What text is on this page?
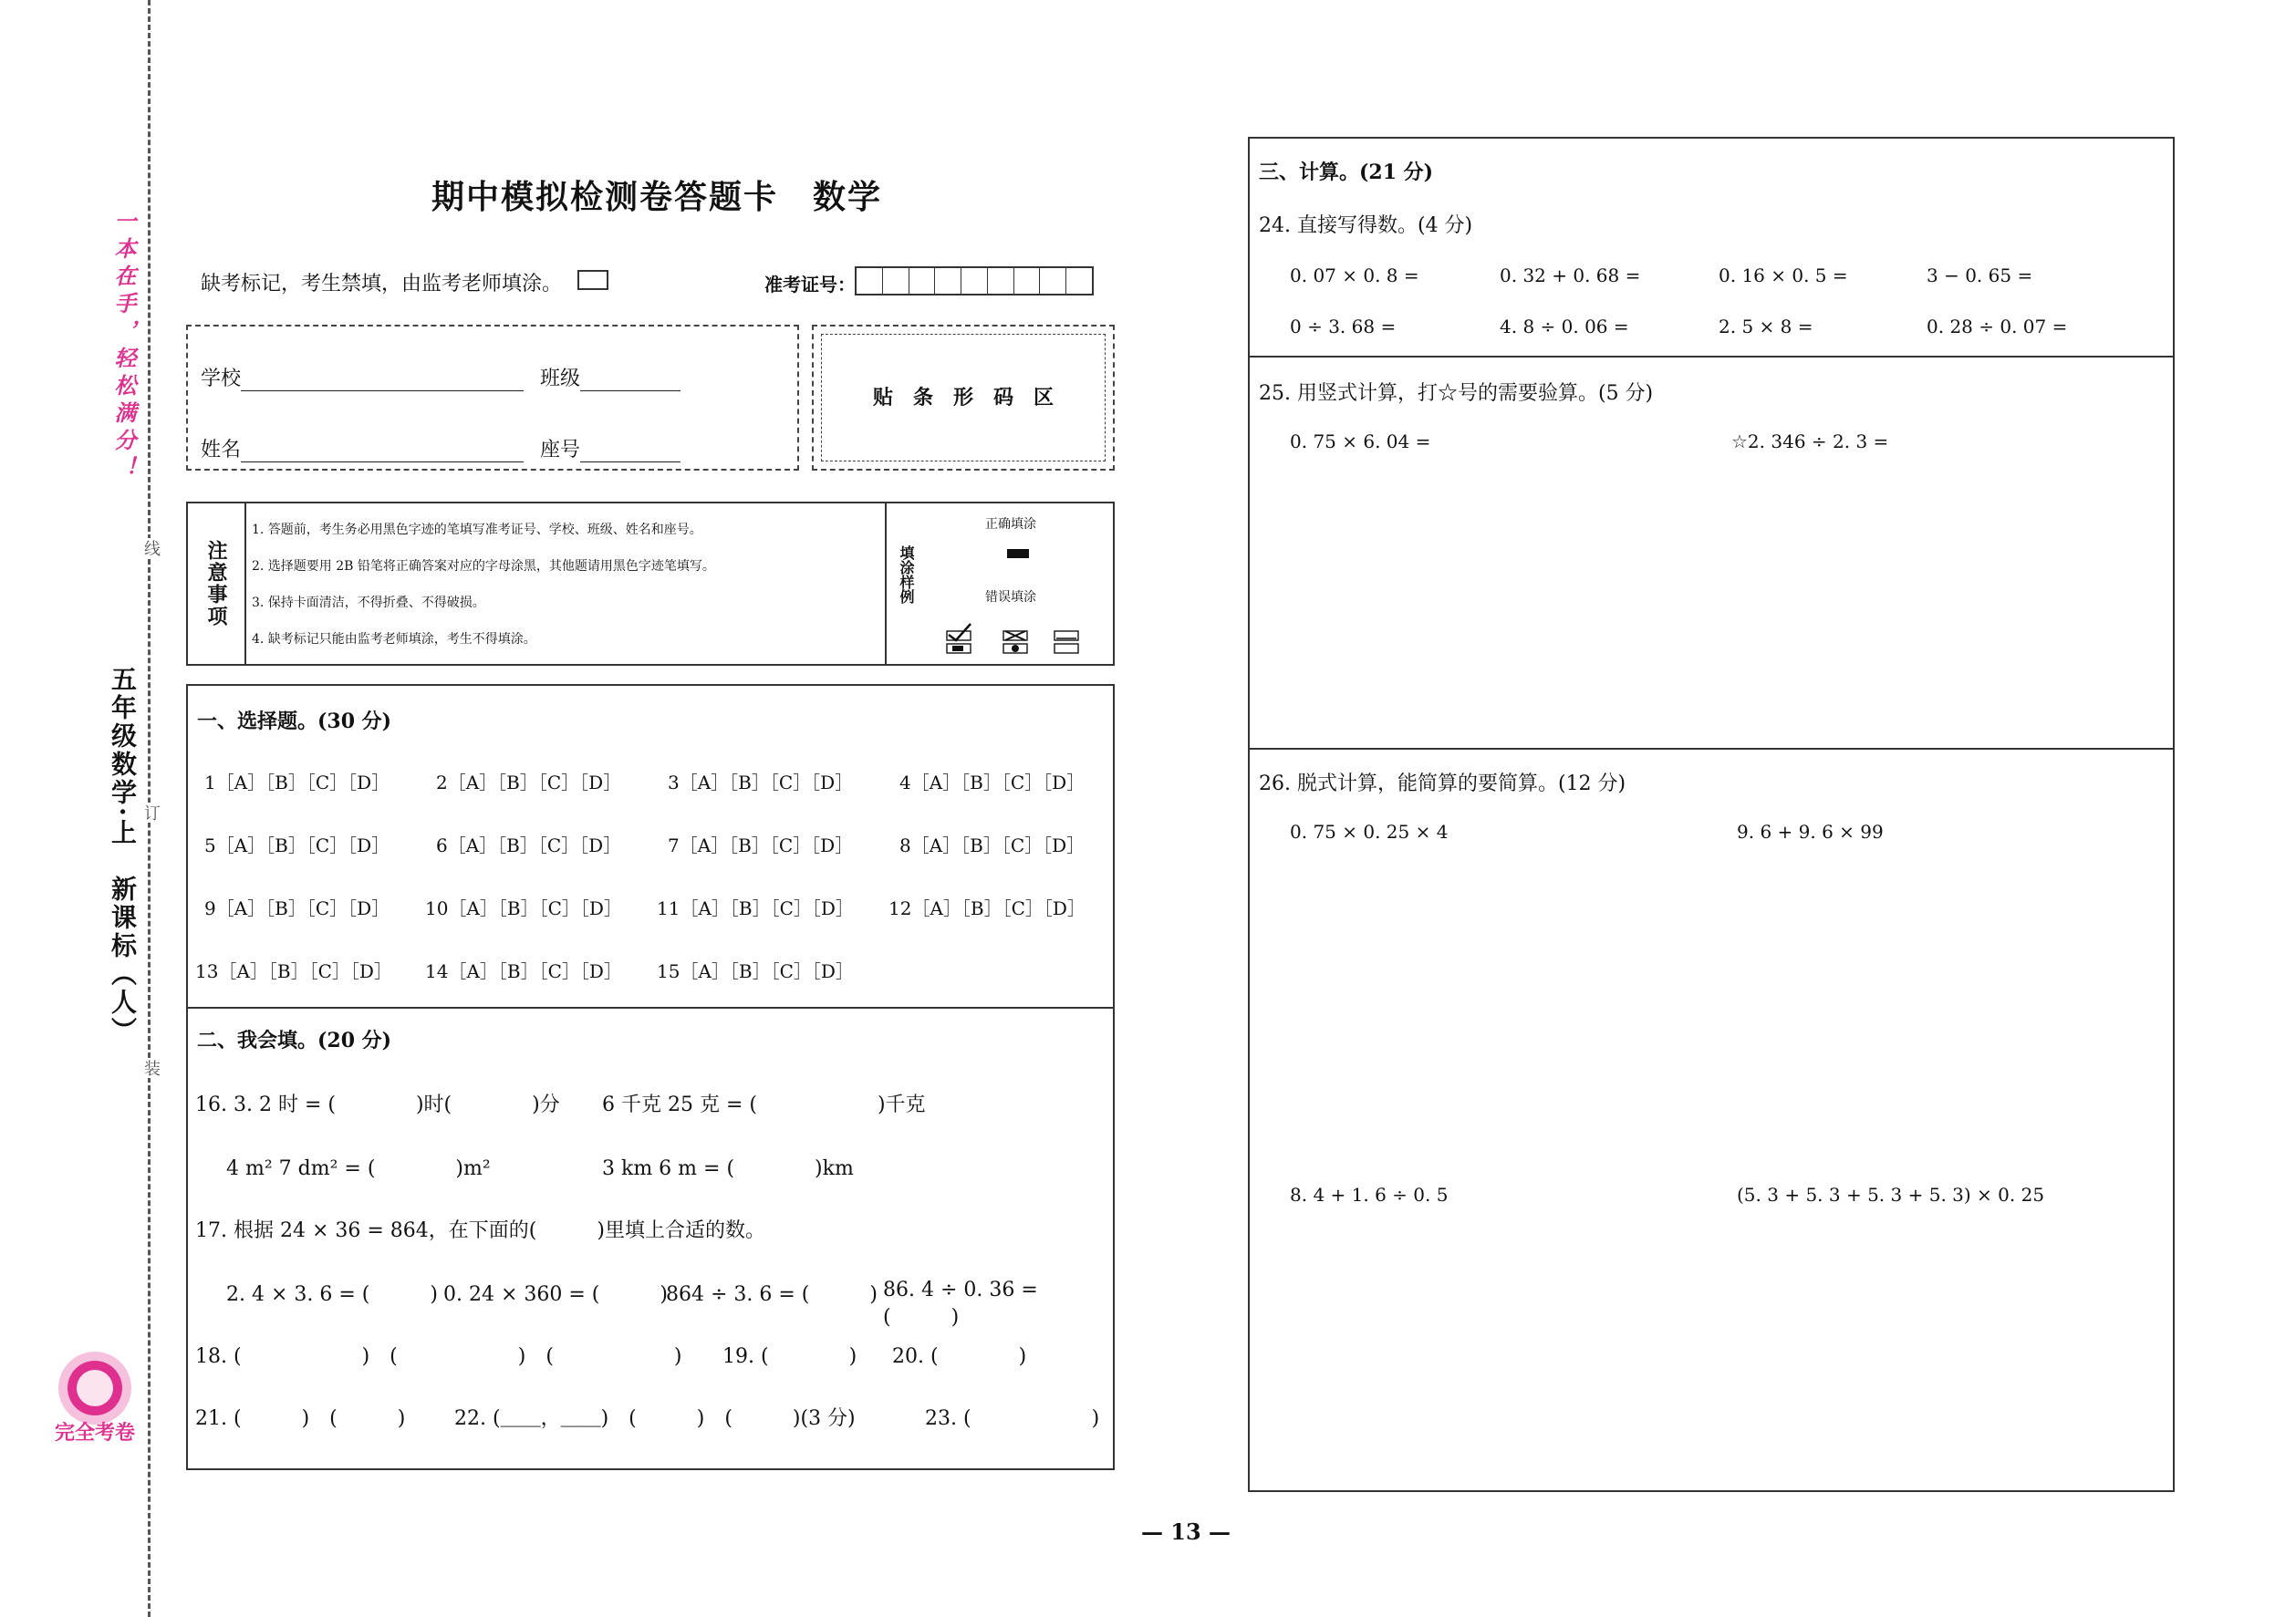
一本在手，轻松满分！
五年级数学·上　新课标（人）
线
订
装
完全考卷
期中模拟检测卷答题卡　数学
缺考标记，考生禁填，由监考老师填涂。	准考证号：
学校	班级
姓名	座号
贴　条　形　码　区
注意事项
1. 答题前，考生务必用黑色字迹的笔填写准考证号、学校、班级、姓名和座号。
2. 选择题要用 2B 铅笔将正确答案对应的字母涂黑，其他题请用黑色字迹笔填写。
3. 保持卡面清洁，不得折叠、不得破损。
4. 缺考标记只能由监考老师填涂，考生不得填涂。
填涂样例
正确填涂
错误填涂
一、选择题。(30 分)
1［A］［B］［C］［D］	2［A］［B］［C］［D］	3［A］［B］［C］［D］	4［A］［B］［C］［D］
5［A］［B］［C］［D］	6［A］［B］［C］［D］	7［A］［B］［C］［D］	8［A］［B］［C］［D］
9［A］［B］［C］［D］ 10［A］［B］［C］［D］ 11［A］［B］［C］［D］ 12［A］［B］［C］［D］
13［A］［B］［C］［D］ 14［A］［B］［C］［D］ 15［A］［B］［C］［D］
二、我会填。(20 分)
16. 3. 2 时 = (　　　　)时(　　　　)分 6 千克 25 克 = (　　　　　　)千克
4 m² 7 dm² = (　　　　)m²	3 km 6 m = (　　　　)km
17. 根据 24 × 36 = 864，在下面的(　　　)里填上合适的数。
2. 4 × 3. 6 = (　　　) 0. 24 × 360 = (　　　)
864 ÷ 3. 6 = (　　　) 86. 4 ÷ 0. 36 = (　　　)
18. (　　　　　　)　(　　　　　　)　(　　　　　　) 19. (　　　　) 20. (　　　　)
21. (　　　)　(　　　) 22. (＿＿，＿＿)　(　　　)　(　　　)(3 分)	23. (　　　　　　)
三、计算。(21 分)
24. 直接写得数。(4 分)
0. 07 × 0. 8 =	0. 32 + 0. 68 =	0. 16 × 0. 5 =	3 − 0. 65 =
0 ÷ 3. 68 =	4. 8 ÷ 0. 06 =	2. 5 × 8 =	0. 28 ÷ 0. 07 =
25. 用竖式计算，打☆号的需要验算。(5 分)
0. 75 × 6. 04 =	☆2. 346 ÷ 2. 3 =
26. 脱式计算，能简算的要简算。(12 分)
0. 75 × 0. 25 × 4	9. 6 + 9. 6 × 99
8. 4 + 1. 6 ÷ 0. 5	(5. 3 + 5. 3 + 5. 3 + 5. 3) × 0. 25
— 13 —
